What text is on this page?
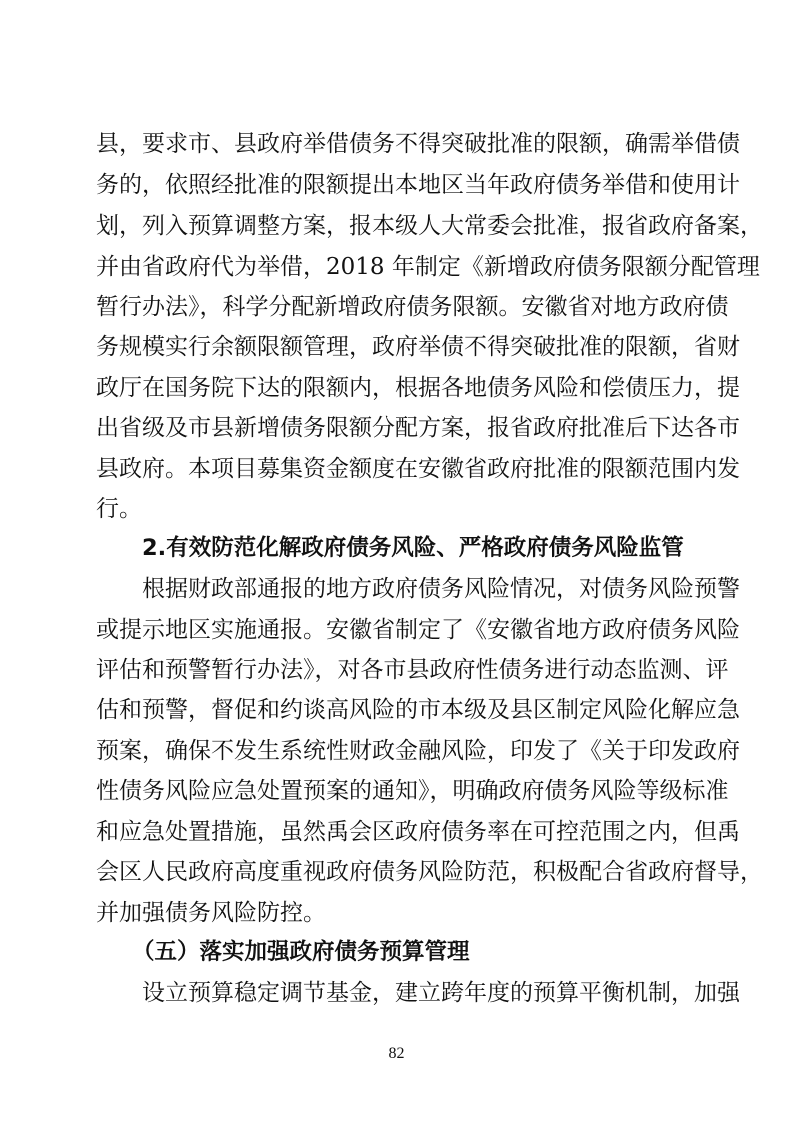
县，要求市、县政府举借债务不得突破批准的限额，确需举借债
务的，依照经批准的限额提出本地区当年政府债务举借和使用计
划，列入预算调整方案，报本级人大常委会批准，报省政府备案，
并由省政府代为举借，2018 年制定《新增政府债务限额分配管理
暂行办法》，科学分配新增政府债务限额。安徽省对地方政府债
务规模实行余额限额管理，政府举债不得突破批准的限额，省财
政厅在国务院下达的限额内，根据各地债务风险和偿债压力，提
出省级及市县新增债务限额分配方案，报省政府批准后下达各市
县政府。本项目募集资金额度在安徽省政府批准的限额范围内发
行。
2.有效防范化解政府债务风险、严格政府债务风险监管
根据财政部通报的地方政府债务风险情况，对债务风险预警
或提示地区实施通报。安徽省制定了《安徽省地方政府债务风险
评估和预警暂行办法》，对各市县政府性债务进行动态监测、评
估和预警，督促和约谈高风险的市本级及县区制定风险化解应急
预案，确保不发生系统性财政金融风险，印发了《关于印发政府
性债务风险应急处置预案的通知》，明确政府债务风险等级标准
和应急处置措施，虽然禹会区政府债务率在可控范围之内，但禹
会区人民政府高度重视政府债务风险防范，积极配合省政府督导，
并加强债务风险防控。
（五）落实加强政府债务预算管理
设立预算稳定调节基金，建立跨年度的预算平衡机制，加强
82
